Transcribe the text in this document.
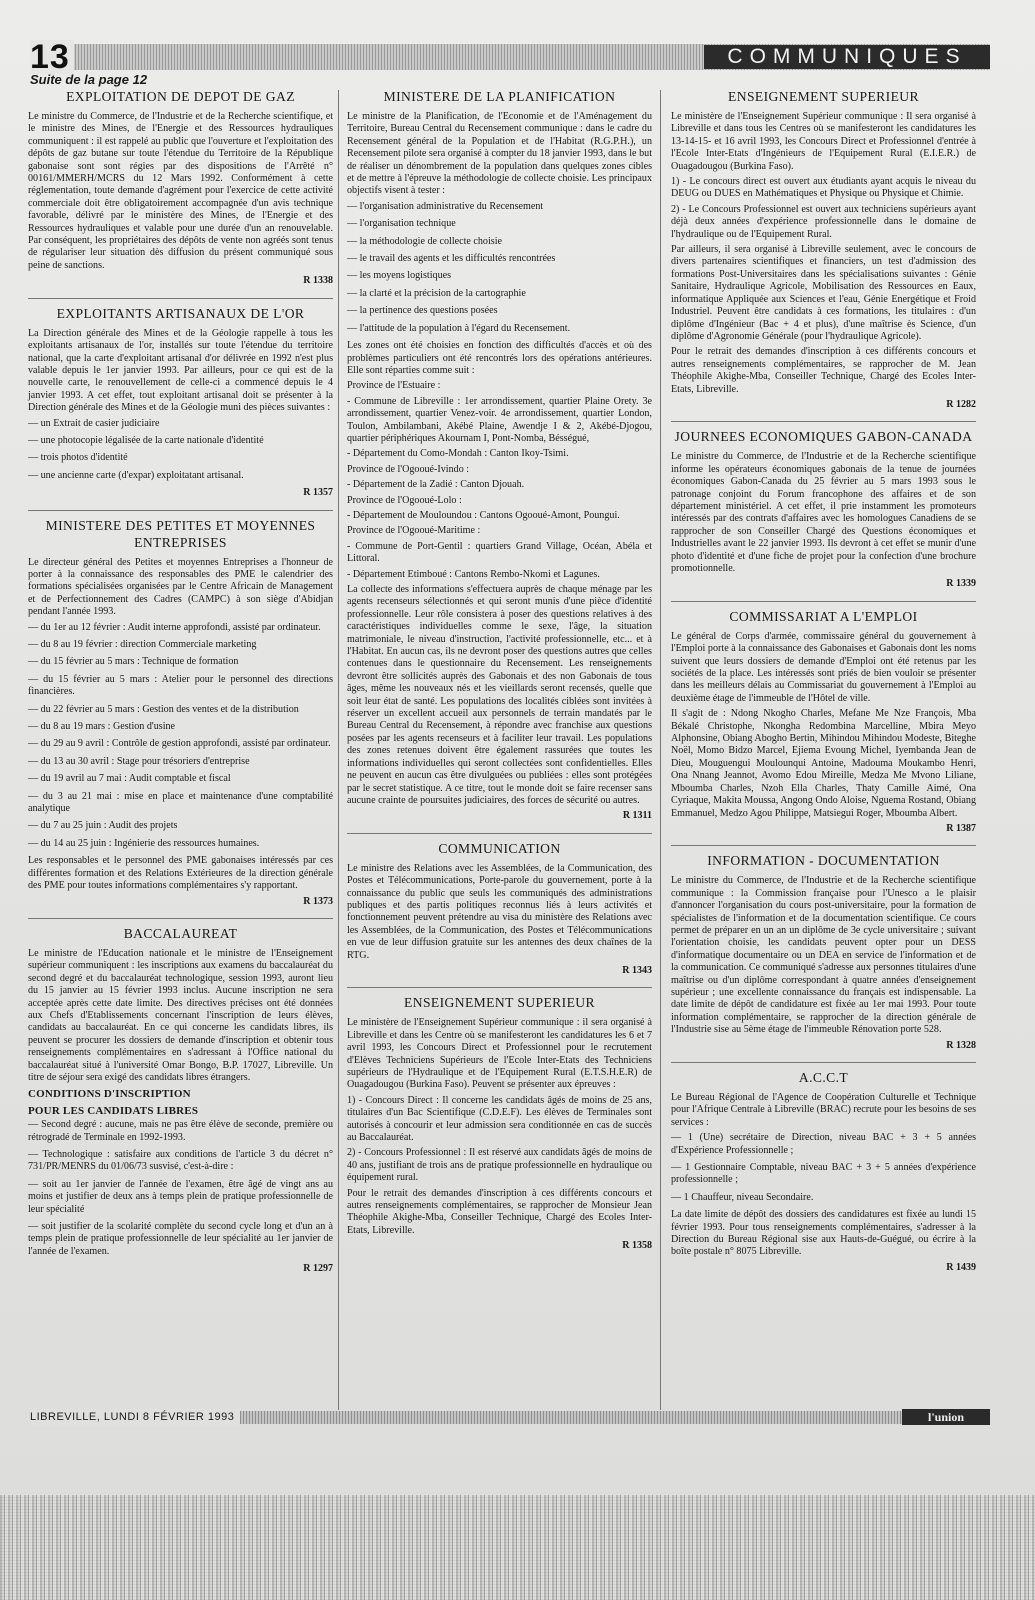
13	COMMUNIQUES
Suite de la page 12
EXPLOITATION DE DEPOT DE GAZ

Le ministre du Commerce, de l'Industrie et de la Recherche scientifique, et le ministre des Mines, de l'Energie et des Ressources hydrauliques communiquent : il est rappelé au public que l'ouverture et l'exploitation des dépôts de gaz butane sur toute l'étendue du Territoire de la République gabonaise sont sont régies par des dispositions de l'Arrêté n° 00161/MMERH/MCRS du 12 Mars 1992. Conformément à cette réglementation, toute demande d'agrément pour l'exercice de cette activité commerciale doit être obligatoirement accompagnée d'un avis technique favorable, délivré par le ministère des Mines, de l'Energie et des Ressources hydrauliques et valable pour une durée d'un an renouvelable. Par conséquent, les propriétaires des dépôts de vente non agréés sont tenus de régulariser leur situation dès diffusion du présent communiqué sous peine de sanctions.

R 1338
EXPLOITANTS ARTISANAUX DE L'OR

La Direction générale des Mines et de la Géologie rappelle à tous les exploitants artisanaux de l'or, installés sur toute l'étendue du territoire national, que la carte d'exploitant artisanal d'or délivrée en 1992 n'est plus valable depuis le 1er janvier 1993. Par ailleurs, pour ce qui est de la nouvelle carte, le renouvellement de celle-ci a commencé depuis le 4 janvier 1993. A cet effet, tout exploitant artisanal doit se présenter à la Direction générale des Mines et de la Géologie muni des pièces suivantes :

— un Extrait de casier judiciaire

— une photocopie légalisée de la carte nationale d'identité

— trois photos d'identité

— une ancienne carte (d'expar) exploitatant artisanal.

R 1357
MINISTERE DES PETITES ET MOYENNES ENTREPRISES

Le directeur général des Petites et moyennes Entreprises a l'honneur de porter à la connaissance des responsables des PME le calendrier des formations spécialisées organisées par le Centre Africain de Management et de Perfectionnement des Cadres (CAMPC) à son siège d'Abidjan pendant l'année 1993.

— du 1er au 12 février : Audit interne approfondi, assisté par ordinateur.

— du 8 au 19 février : direction Commerciale marketing

— du 15 février au 5 mars : Technique de formation

— du 15 février au 5 mars : Atelier pour le personnel des directions financières.

— du 22 février au 5 mars : Gestion des ventes et de la distribution

— du 8 au 19 mars : Gestion d'usine

— du 29 au 9 avril : Contrôle de gestion approfondi, assisté par ordinateur.

— du 13 au 30 avril : Stage pour trésoriers d'entreprise

— du 19 avril au 7 mai : Audit comptable et fiscal

— du 3 au 21 mai : mise en place et maintenance d'une comptabilité analytique

— du 7 au 25 juin : Audit des projets

— du 14 au 25 juin : Ingénierie des ressources humaines.

Les responsables et le personnel des PME gabonaises intéressés par ces différentes formation et des Relations Extérieures de la direction générale des PME pour toutes informations complémentaires s'y rapportant.

R 1373
BACCALAUREAT

Le ministre de l'Education nationale et le ministre de l'Enseignement supérieur communiquent : les inscriptions aux examens du baccalauréat du second degré et du baccalauréat technologique, session 1993, auront lieu du 15 janvier au 15 février 1993 inclus. Aucune inscription ne sera acceptée après cette date limite. Des directives précises ont été données aux Chefs d'Etablissements concernant l'inscription de leurs élèves, candidats au baccalauréat. En ce qui concerne les candidats libres, ils peuvent se procurer les dossiers de demande d'inscription et obtenir tous renseignements complémentaires en s'adressant à l'Office national du baccalauréat situé à l'université Omar Bongo, B.P. 17027, Libreville. Un titre de séjour sera exigé des candidats libres étrangers.

CONDITIONS D'INSCRIPTION
POUR LES CANDIDATS LIBRES

— Second degré : aucune, mais ne pas être élève de seconde, première ou rétrogradé de Terminale en 1992-1993.

— Technologique : satisfaire aux conditions de l'article 3 du décret n° 731/PR/MENRS du 01/06/73 susvisé, c'est-à-dire :

— soit au 1er janvier de l'année de l'examen, être âgé de vingt ans au moins et justifier de deux ans à temps plein de pratique professionnelle de leur spécialité

— soit justifier de la scolarité complète du second cycle long et d'un an à temps plein de pratique professionnelle de leur spécialité au 1er janvier de l'année de l'examen.

R 1297
MINISTERE DE LA PLANIFICATION

Le ministre de la Planification, de l'Economie et de l'Aménagement du Territoire, Bureau Central du Recensement communique : dans le cadre du Recensement général de la Population et de l'Habitat (R.G.P.H.), un Recensement pilote sera organisé à compter du 18 janvier 1993, dans le but de réaliser un dénombrement de la population dans quelques zones cibles et de mettre à l'épreuve la méthodologie de collecte choisie. Les principaux objectifs visent à tester :

— l'organisation administrative du Recensement

— l'organisation technique

— la méthodologie de collecte choisie

— le travail des agents et les difficultés rencontrées

— les moyens logistiques

— la clarté et la précision de la cartographie

— la pertinence des questions posées

— l'attitude de la population à l'égard du Recensement.

Les zones ont été choisies en fonction des difficultés d'accès et où des problèmes particuliers ont été rencontrés lors des opérations antérieures. Elle sont réparties comme suit :

Province de l'Estuaire :

- Commune de Libreville : 1er arrondissement, quartier Plaine Orety. 3e arrondissement, quartier Venez-voir. 4e arrondissement, quartier London, Toulon, Ambilambani, Akébé Plaine, Awendje I & 2, Akébé-Djogou, quartier périphériques Akournam I, Pont-Nomba, Bésségué,

- Département du Como-Mondah : Canton Ikoy-Tsimi.

Province de l'Ogooué-Ivindo :

- Département de la Zadié : Canton Djouah.

Province de l'Ogooué-Lolo :

- Département de Mouloundou : Cantons Ogooué-Amont, Poungui.

Province de l'Ogooué-Maritime :

- Commune de Port-Gentil : quartiers Grand Village, Océan, Abéla et Littoral.

- Département Etimboué : Cantons Rembo-Nkomi et Lagunes.

La collecte des informations s'effectuera auprès de chaque ménage par les agents recenseurs sélectionnés et qui seront munis d'une pièce d'identité professionnelle. Leur rôle consistera à poser des questions relatives à des caractéristiques individuelles comme le sexe, l'âge, la situation matrimoniale, le niveau d'instruction, l'activité professionnelle, etc... et à l'Habitat. En aucun cas, ils ne devront poser des questions autres que celles contenues dans le questionnaire du Recensement. Les renseignements devront être sollicités auprès des Gabonais et des non Gabonais de tous âges, même les nouveaux nés et les vieillards seront recensés, quelle que soit leur état de santé. Les populations des localités ciblées sont invitées à réserver un excellent accueil aux personnels de terrain mandatés par le Bureau Central du Recensement, à répondre avec franchise aux questions posées par les agents recenseurs et à faciliter leur travail. Les populations des zones retenues doivent être également rassurées que toutes les informations individuelles qui seront collectées sont confidentielles. Elles ne peuvent en aucun cas être divulguées ou publiées : elles sont protégées par le secret statistique. A ce titre, tout le monde doit se faire recenser sans aucune crainte de poursuites judiciaires, des forces de sécurité ou autres.

R 1311
COMMUNICATION

Le ministre des Relations avec les Assemblées, de la Communication, des Postes et Télécommunications, Porte-parole du gouvernement, porte à la connaissance du public que seuls les communiqués des administrations publiques et des partis politiques reconnus liés à leurs activités et fonctionnement peuvent prétendre au visa du ministère des Relations avec les Assemblées, de la Communication, des Postes et Télécommunications en vue de leur diffusion gratuite sur les antennes des deux chaînes de la RTG.

R 1343
ENSEIGNEMENT SUPERIEUR

Le ministère de l'Enseignement Supérieur communique : il sera organisé à Libreville et dans les Centre où se manifesteront les candidatures les 6 et 7 avril 1993, les Concours Direct et Professionnel pour le recrutement d'Elèves Techniciens Supérieurs de l'Ecole Inter-Etats des Techniciens supérieurs de l'Hydraulique et de l'Equipement Rural (E.T.S.H.E.R) de Ouagadougou (Burkina Faso). Peuvent se présenter aux épreuves :

1) - Concours Direct : Il concerne les candidats âgés de moins de 25 ans, titulaires d'un Bac Scientifique (C.D.E.F). Les élèves de Terminales sont autorisés à concourir et leur admission sera conditionnée en cas de succès au Baccalauréat.

2) - Concours Professionnel : Il est réservé aux candidats âgés de moins de 40 ans, justifiant de trois ans de pratique professionnelle en hydraulique ou équipement rural.

Pour le retrait des demandes d'inscription à ces différents concours et autres renseignements complémentaires, se rapprocher de Monsieur Jean Théophile Akighe-Mba, Conseiller Technique, Chargé des Ecoles Inter-Etats, Libreville.

R 1358
ENSEIGNEMENT SUPERIEUR

Le ministère de l'Enseignement Supérieur communique : Il sera organisé à Libreville et dans tous les Centres où se manifesteront les candidatures les 13-14-15- et 16 avril 1993, les Concours Direct et Professionnel d'entrée à l'Ecole Inter-Etats d'Ingénieurs de l'Equipement Rural (E.I.E.R.) de Ouagadougou (Burkina Faso).

1) - Le concours direct est ouvert aux étudiants ayant acquis le niveau du DEUG ou DUES en Mathématiques et Physique ou Physique et Chimie.

2) - Le Concours Professionnel est ouvert aux techniciens supérieurs ayant déjà deux années d'expérience professionnelle dans le domaine de l'hydraulique ou de l'Equipement Rural.

Par ailleurs, il sera organisé à Libreville seulement, avec le concours de divers partenaires scientifiques et financiers, un test d'admission des formations Post-Universitaires dans les spécialisations suivantes : Génie Sanitaire, Hydraulique Agricole, Mobilisation des Ressources en Eaux, informatique Appliquée aux Sciences et l'eau, Génie Energétique et Froid Industriel. Peuvent être candidats à ces formations, les titulaires : d'un diplôme d'Ingénieur (Bac + 4 et plus), d'une maîtrise ès Science, d'un diplôme d'Agronomie Générale (pour l'hydraulique Agricole).

Pour le retrait des demandes d'inscription à ces différents concours et autres renseignements complémentaires, se rapprocher de M. Jean Théophile Akighe-Mba, Conseiller Technique, Chargé des Ecoles Inter-Etats, Libreville.

R 1282
JOURNEES ECONOMIQUES GABON-CANADA

Le ministre du Commerce, de l'Industrie et de la Recherche scientifique informe les opérateurs économiques gabonais de la tenue de journées économiques Gabon-Canada du 25 février au 5 mars 1993 sous le patronage conjoint du Forum francophone des affaires et de son département ministériel. A cet effet, il prie instamment les promoteurs intéressés par des contrats d'affaires avec les homologues Canadiens de se rapprocher de son Conseiller Chargé des Questions économiques et Industrielles avant le 22 janvier 1993. Ils devront à cet effet se munir d'une photo d'identité et d'une fiche de projet pour la confection d'une brochure promotionnelle.

R 1339
COMMISSARIAT A L'EMPLOI

Le général de Corps d'armée, commissaire général du gouvernement à l'Emploi porte à la connaissance des Gabonaises et Gabonais dont les noms suivent que leurs dossiers de demande d'Emploi ont été retenus par les sociétés de la place. Les intéressés sont priés de bien vouloir se présenter dans les meilleurs délais au Commissariat du gouvernement à l'Emploi au deuxième étage de l'immeuble de l'Hôtel de ville.

Il s'agit de : Ndong Nkogho Charles, Mefane Me Nze François, Mba Békalé Christophe, Nkongha Redombina Marcelline, Mbira Meyo Alphonsine, Obiang Abogho Bertin, Mihindou Mihindou Modeste, Biteghe Noël, Momo Bidzo Marcel, Ejiema Evoung Michel, Iyembanda Jean de Dieu, Mouguengui Moulounqui Antoine, Madouma Moukambo Henri, Ona Nnang Jeannot, Avomo Edou Mireille, Medza Me Mvono Liliane, Mboumba Charles, Nzoh Ella Charles, Thaty Camille Aimé, Ona Cyriaque, Makita Moussa, Angong Ondo Aloise, Nguema Rostand, Obiang Emmanuel, Medzo Agou Philippe, Matsiegui Roger, Mboumba Albert.

R 1387
INFORMATION - DOCUMENTATION

Le ministre du Commerce, de l'Industrie et de la Recherche scientifique communique : la Commission française pour l'Unesco a le plaisir d'annoncer l'organisation du cours post-universitaire, pour la formation de spécialistes de l'information et de la documentation scientifique. Ce cours permet de préparer en un an un diplôme de 3e cycle universitaire ; suivant l'orientation choisie, les candidats peuvent opter pour un DESS d'informatique documentaire ou un DEA en service de l'information et de la communication. Ce communiqué s'adresse aux personnes titulaires d'une maîtrise ou d'un diplôme correspondant à quatre années d'enseignement supérieur ; une excellente connaissance du français est indispensable. La date limite de dépôt de candidature est fixée au 1er mai 1993. Pour toute information complémentaire, se rapprocher de la direction générale de l'Industrie sise au 5ème étage de l'immeuble Rénovation porte 528.

R 1328
A.C.C.T

Le Bureau Régional de l'Agence de Coopération Culturelle et Technique pour l'Afrique Centrale à Libreville (BRAC) recrute pour les besoins de ses services :

— 1 (Une) secrétaire de Direction, niveau BAC + 3 + 5 années d'Expérience Professionnelle ;

— 1 Gestionnaire Comptable, niveau BAC + 3 + 5 années d'expérience professionnelle ;

— 1 Chauffeur, niveau Secondaire.

La date limite de dépôt des dossiers des candidatures est fixée au lundi 15 février 1993. Pour tous renseignements complémentaires, s'adresser à la Direction du Bureau Régional sise aux Hauts-de-Guégué, ou écrire à la boîte postale n° 8075 Libreville.

R 1439
LIBREVILLE, LUNDI 8 FÉVRIER 1993	l'union
